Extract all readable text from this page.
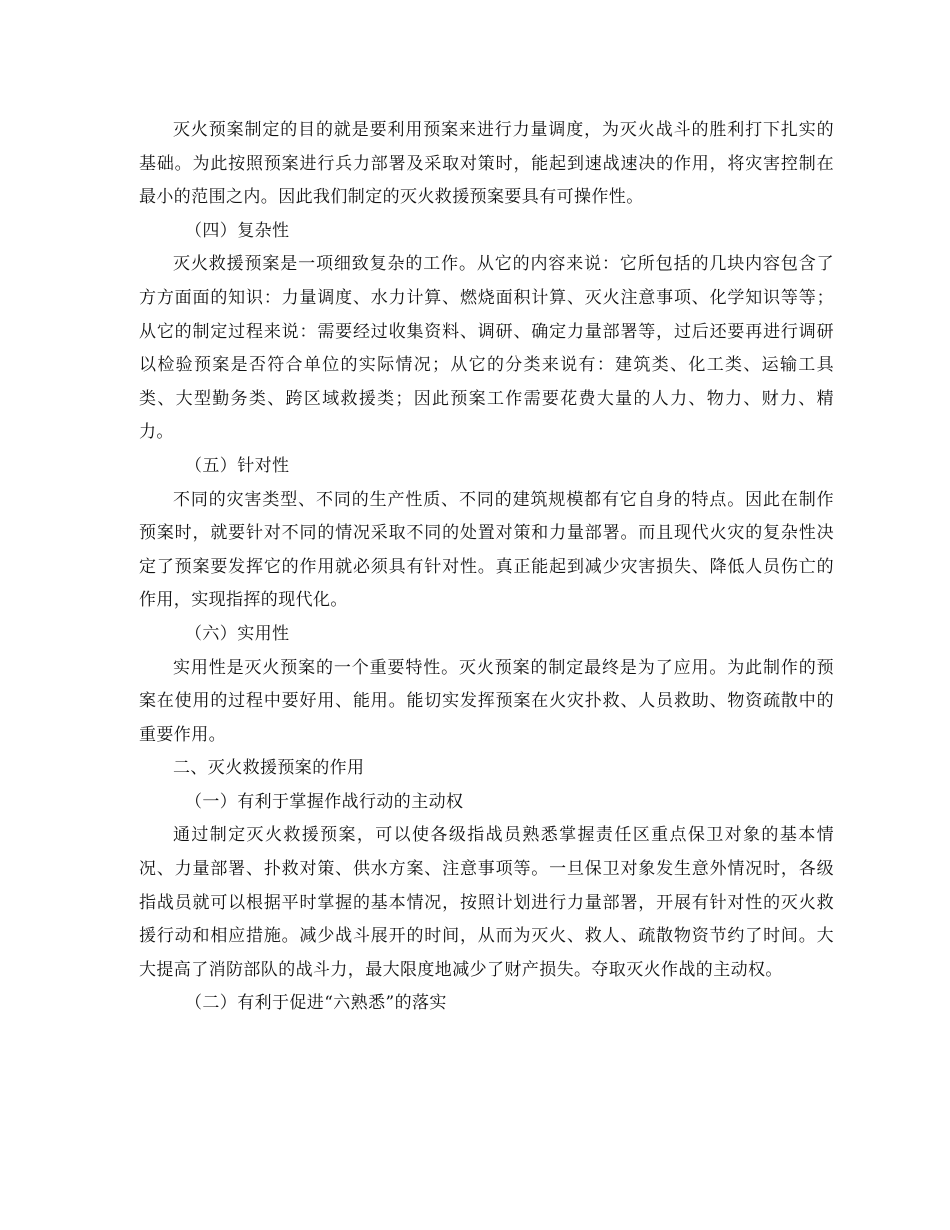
灭火预案制定的目的就是要利用预案来进行力量调度，为灭火战斗的胜利打下扎实的基础。为此按照预案进行兵力部署及采取对策时，能起到速战速决的作用，将灾害控制在最小的范围之内。因此我们制定的灭火救援预案要具有可操作性。

（四）复杂性

灭火救援预案是一项细致复杂的工作。从它的内容来说：它所包括的几块内容包含了方方面面的知识：力量调度、水力计算、燃烧面积计算、灭火注意事项、化学知识等等；从它的制定过程来说：需要经过收集资料、调研、确定力量部署等，过后还要再进行调研以检验预案是否符合单位的实际情况；从它的分类来说有：建筑类、化工类、运输工具类、大型勤务类、跨区域救援类；因此预案工作需要花费大量的人力、物力、财力、精力。

（五）针对性

不同的灾害类型、不同的生产性质、不同的建筑规模都有它自身的特点。因此在制作预案时，就要针对不同的情况采取不同的处置对策和力量部署。而且现代火灾的复杂性决定了预案要发挥它的作用就必须具有针对性。真正能起到减少灾害损失、降低人员伤亡的作用，实现指挥的现代化。

（六）实用性

实用性是灭火预案的一个重要特性。灭火预案的制定最终是为了应用。为此制作的预案在使用的过程中要好用、能用。能切实发挥预案在火灾扑救、人员救助、物资疏散中的重要作用。

二、灭火救援预案的作用

（一）有利于掌握作战行动的主动权

通过制定灭火救援预案，可以使各级指战员熟悉掌握责任区重点保卫对象的基本情况、力量部署、扑救对策、供水方案、注意事项等。一旦保卫对象发生意外情况时，各级指战员就可以根据平时掌握的基本情况，按照计划进行力量部署，开展有针对性的灭火救援行动和相应措施。减少战斗展开的时间，从而为灭火、救人、疏散物资节约了时间。大大提高了消防部队的战斗力，最大限度地减少了财产损失。夺取灭火作战的主动权。

（二）有利于促进“六熟悉”的落实
